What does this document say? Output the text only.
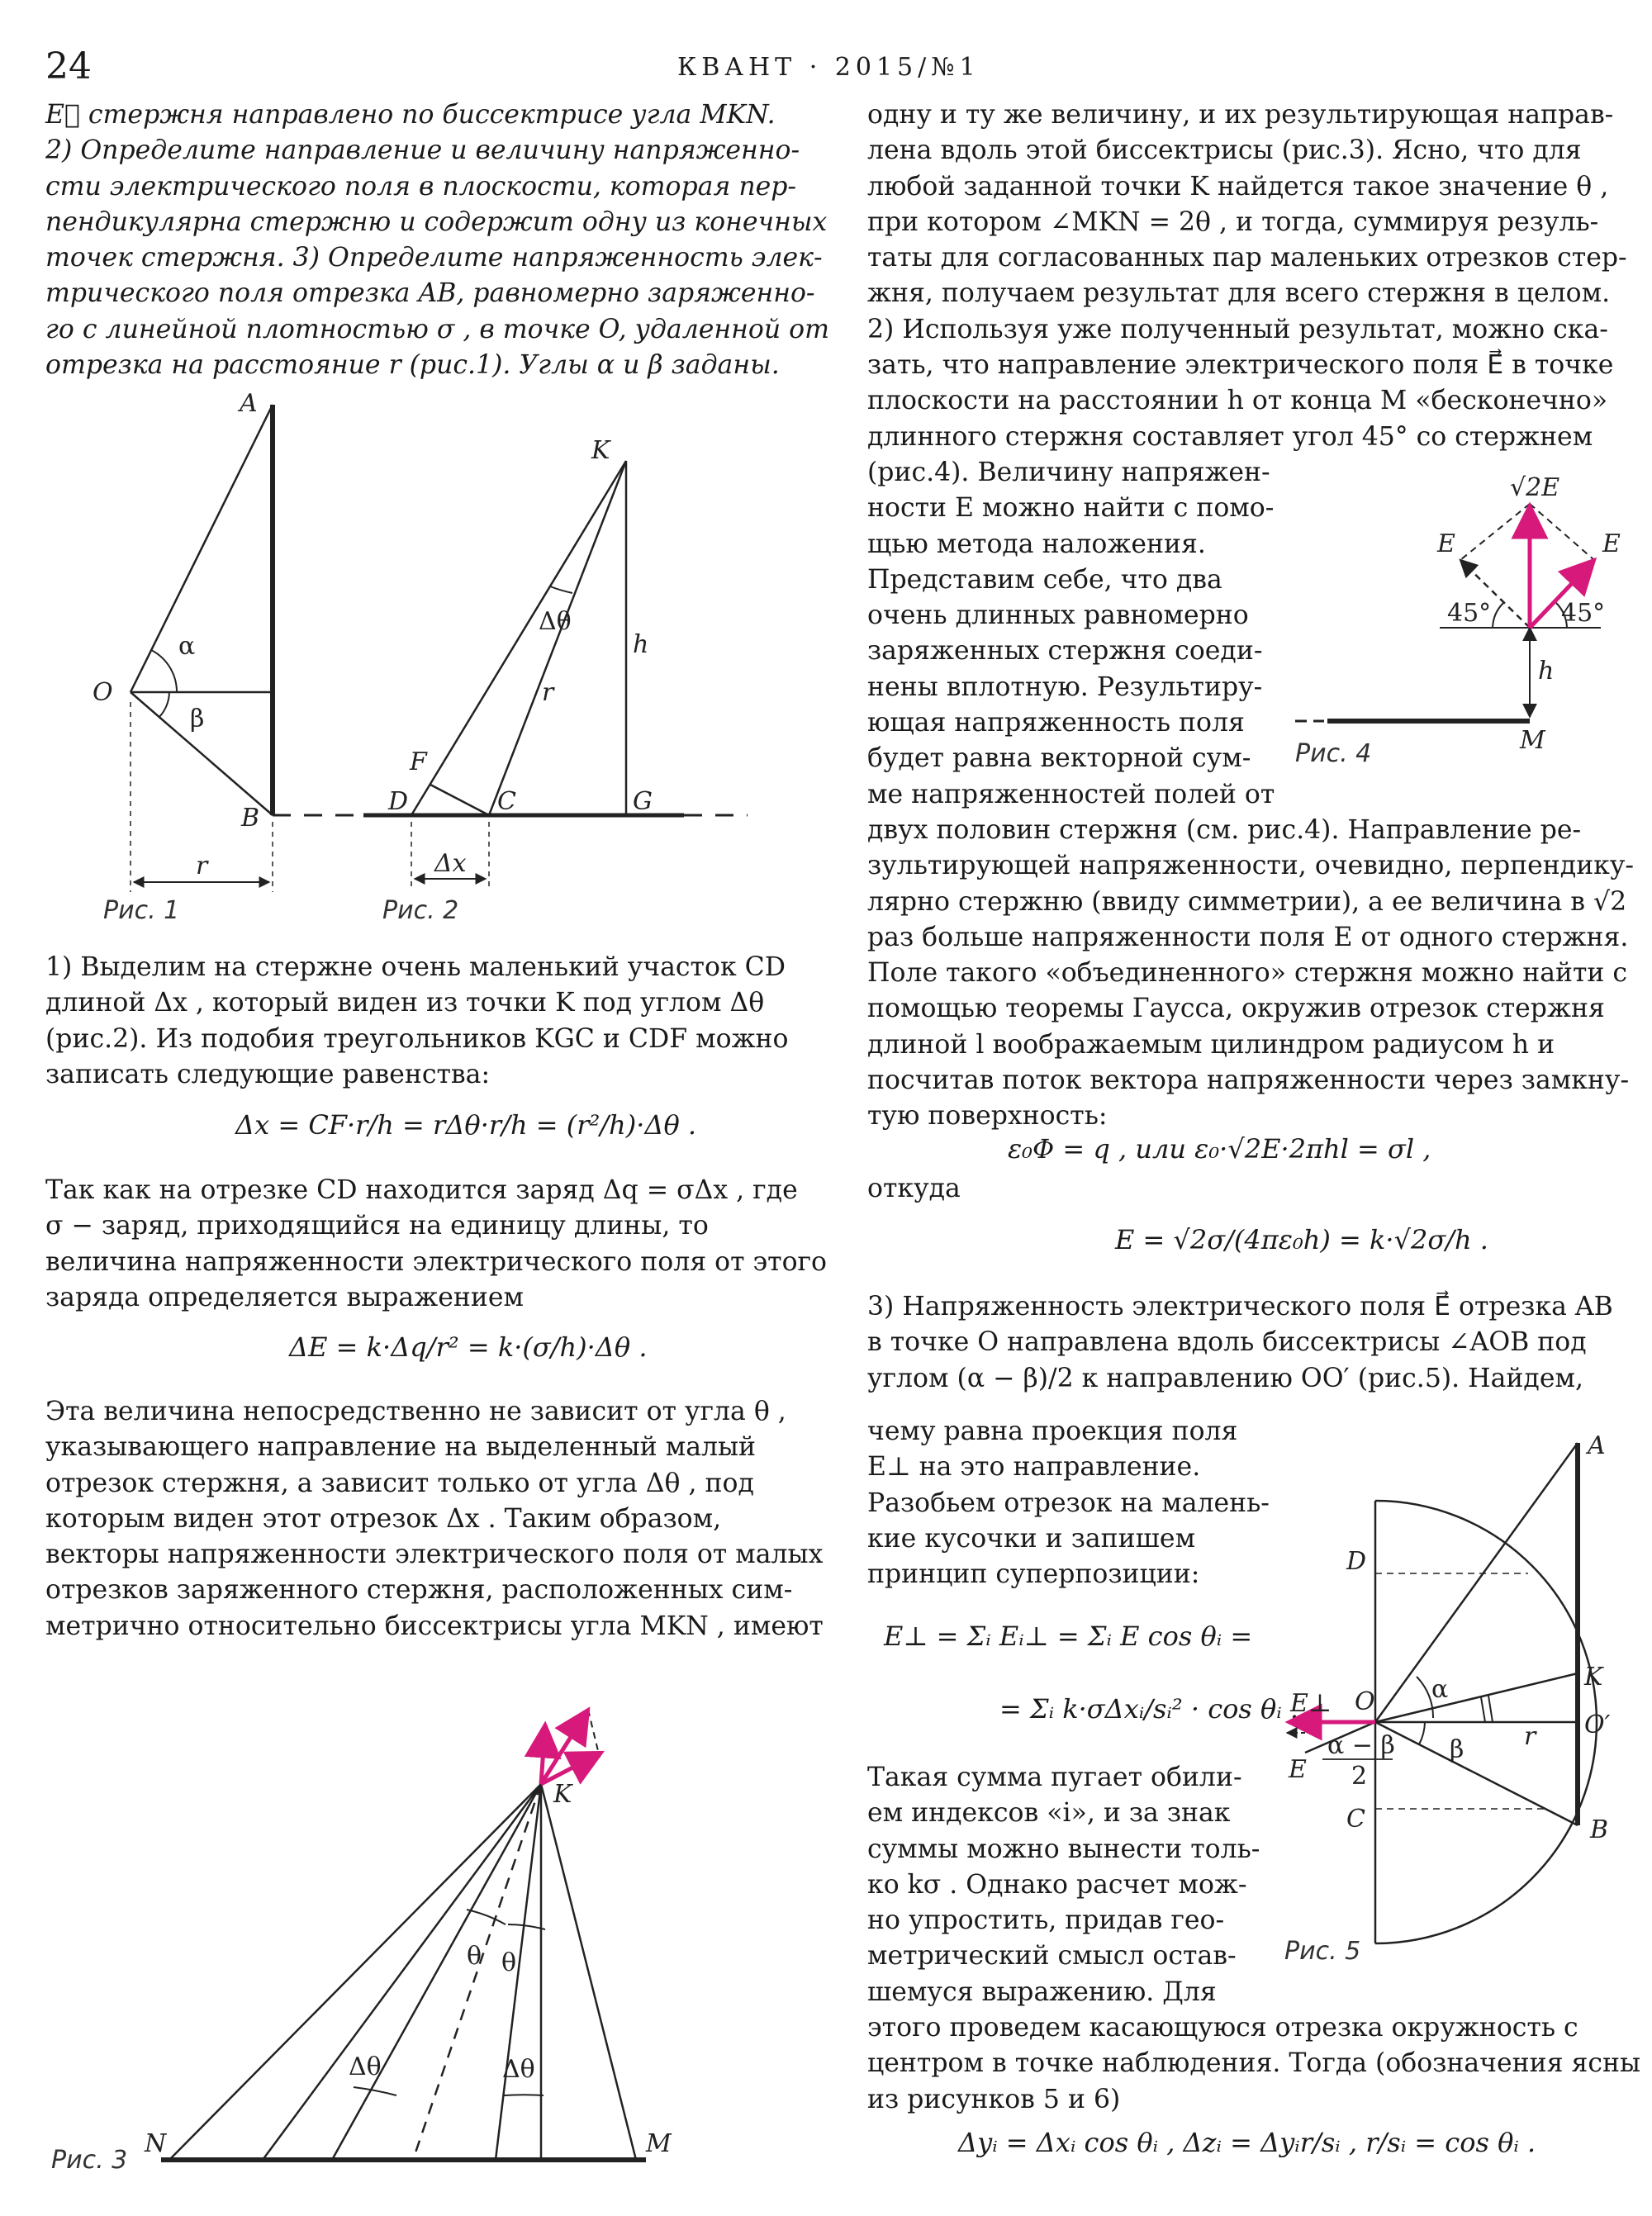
24	КВАНТ · 2015/№1
E⃗ стержня направлено по биссектрисе угла MKN.
2) Определите направление и величину напряженно-
сти электрического поля в плоскости, которая пер-
пендикулярна стержню и содержит одну из конечных
точек стержня. 3) Определите напряженность элек-
трического поля отрезка AB, равномерно заряженно-
го с линейной плотностью σ , в точке O, удаленной от
отрезка на расстояние r (рис.1). Углы α и β заданы.
1) Выделим на стержне очень маленький участок CD
длиной Δx , который виден из точки K под углом Δθ
(рис.2). Из подобия треугольников KGC и CDF можно
записать следующие равенства:
Δx = CF·r/h = rΔθ·r/h = (r²/h)·Δθ .
Так как на отрезке CD находится заряд Δq = σΔx , где
σ − заряд, приходящийся на единицу длины, то
величина напряженности электрического поля от этого
заряда определяется выражением
ΔE = k·Δq/r² = k·(σ/h)·Δθ .
Эта величина непосредственно не зависит от угла θ ,
указывающего направление на выделенный малый
отрезок стержня, а зависит только от угла Δθ , под
которым виден этот отрезок Δx . Таким образом,
векторы напряженности электрического поля от малых
отрезков заряженного стержня, расположенных сим-
метрично относительно биссектрисы угла MKN , имеют
одну и ту же величину, и их результирующая направ-
лена вдоль этой биссектрисы (рис.3). Ясно, что для
любой заданной точки K найдется такое значение θ ,
при котором ∠MKN = 2θ , и тогда, суммируя резуль-
таты для согласованных пар маленьких отрезков стер-
жня, получаем результат для всего стержня в целом.
2) Используя уже полученный результат, можно ска-
зать, что направление электрического поля E⃗ в точке
плоскости на расстоянии h от конца M «бесконечно»
длинного стержня составляет угол 45° со стержнем
(рис.4). Величину напряжен-
ности E можно найти с помо-
щью метода наложения.
Представим себе, что два
очень длинных равномерно
заряженных стержня соеди-
нены вплотную. Результиру-
ющая напряженность поля
будет равна векторной сум-
ме напряженностей полей от
двух половин стержня (см. рис.4). Направление ре-
зультирующей напряженности, очевидно, перпендику-
лярно стержню (ввиду симметрии), а ее величина в √2
раз больше напряженности поля E от одного стержня.
Поле такого «объединенного» стержня можно найти с
помощью теоремы Гаусса, окружив отрезок стержня
длиной l воображаемым цилиндром радиусом h и
посчитав поток вектора напряженности через замкну-
тую поверхность:
ε₀Φ = q , или ε₀·√2E·2πhl = σl ,
откуда
E = √2σ/(4πε₀h) = k·√2σ/h .
3) Напряженность электрического поля E⃗ отрезка AB
в точке O направлена вдоль биссектрисы ∠AOB под
углом (α − β)/2 к направлению OO′ (рис.5). Найдем,
чему равна проекция поля
E⊥ на это направление.
Разобьем отрезок на малень-
кие кусочки и запишем
принцип суперпозиции:
E⊥ = Σᵢ Eᵢ⊥ = Σᵢ E cos θᵢ =
= Σᵢ k·σΔxᵢ/sᵢ² · cos θᵢ .
Такая сумма пугает обили-
ем индексов «i», и за знак
суммы можно вынести толь-
ко kσ . Однако расчет мож-
но упростить, придав гео-
метрический смысл остав-
шемуся выражению. Для
этого проведем касающуюся отрезка окружность с
центром в точке наблюдения. Тогда (обозначения ясны
из рисунков 5 и 6)
Δyᵢ = Δxᵢ cos θᵢ , Δzᵢ = Δyᵢr/sᵢ , r/sᵢ = cos θᵢ .
Рис. 1	Рис. 2
Рис. 3
Рис. 4
Рис. 5
A
B
O
α
β
r
K
D	C	G
F
h
Δθ
r
Δx
K
N	M
θ θ
Δθ	Δθ
√2E
E	E
45°	45°
h
M
A
B
D
C
K
O′
O α
β r
E⊥
E
α − β
2
